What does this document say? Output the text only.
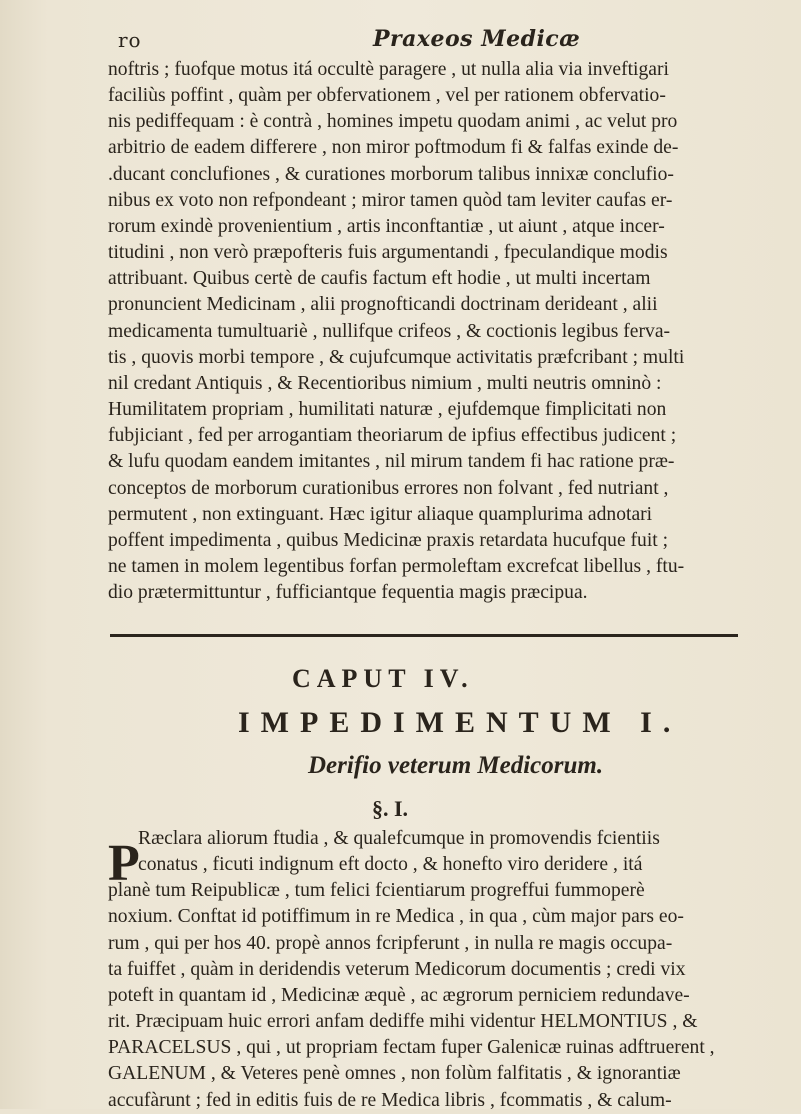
ro	Praxeos Medicæ
noftris ; fuofque motus itá occultè paragere , ut nulla alia via inveftigari
faciliùs poffint , quàm per obfervationem , vel per rationem obfervatio-
nis pediffequam : è contrà , homines impetu quodam animi , ac velut pro
arbitrio de eadem differere , non miror poftmodum fi & falfas exinde de-
.ducant conclufiones , & curationes morborum talibus innixæ conclufio-
nibus ex voto non refpondeant ; miror tamen quòd tam leviter caufas er-
rorum exindè provenientium , artis inconftantiæ , ut aiunt , atque incer-
titudini , non verò præpofteris fuis argumentandi , fpeculandique modis
attribuant. Quibus certè de caufis factum eft hodie , ut multi incertam
pronuncient Medicinam , alii prognofticandi doctrinam derideant , alii
medicamenta tumultuariè , nullifque crifeos , & coctionis legibus ferva-
tis , quovis morbi tempore , & cujufcumque activitatis præfcribant ; multi
nil credant Antiquis , & Recentioribus nimium , multi neutris omninò :
Humilitatem propriam , humilitati naturæ , ejufdemque fimplicitati non
fubjiciant , fed per arrogantiam theoriarum de ipfius effectibus judicent ;
& lufu quodam eandem imitantes , nil mirum tandem fi hac ratione præ-
conceptos de morborum curationibus errores non folvant , fed nutriant ,
permutent , non extinguant. Hæc igitur aliaque quamplurima adnotari
poffent impedimenta , quibus Medicinæ praxis retardata hucufque fuit ;
ne tamen in molem legentibus forfan permoleftam excrefcat libellus , ftu-
dio prætermittuntur , fufficiantque fequentia magis præcipua.
CAPUT IV.
IMPEDIMENTUM I.
Derifio veterum Medicorum.
§. I.
P
Ræclara aliorum ftudia , & qualefcumque in promovendis fcientiis
conatus , ficuti indignum eft docto , & honefto viro deridere , itá
planè tum Reipublicæ , tum felici fcientiarum progreffui fummoperè
noxium. Conftat id potiffimum in re Medica , in qua , cùm major pars eo-
rum , qui per hos 40. propè annos fcripferunt , in nulla re magis occupa-
ta fuiffet , quàm in deridendis veterum Medicorum documentis ; credi vix
poteft in quantam id , Medicinæ æquè , ac ægrorum perniciem redundave-
rit. Præcipuam huic errori anfam dediffe mihi videntur HELMONTIUS , &
PARACELSUS , qui , ut propriam fectam fuper Galenicæ ruinas adftruerent ,
GALENUM , & Veteres penè omnes , non folùm falfitatis , & ignorantiæ
accufàrunt ; fed in editis fuis de re Medica libris , fcommatis , & calum-
